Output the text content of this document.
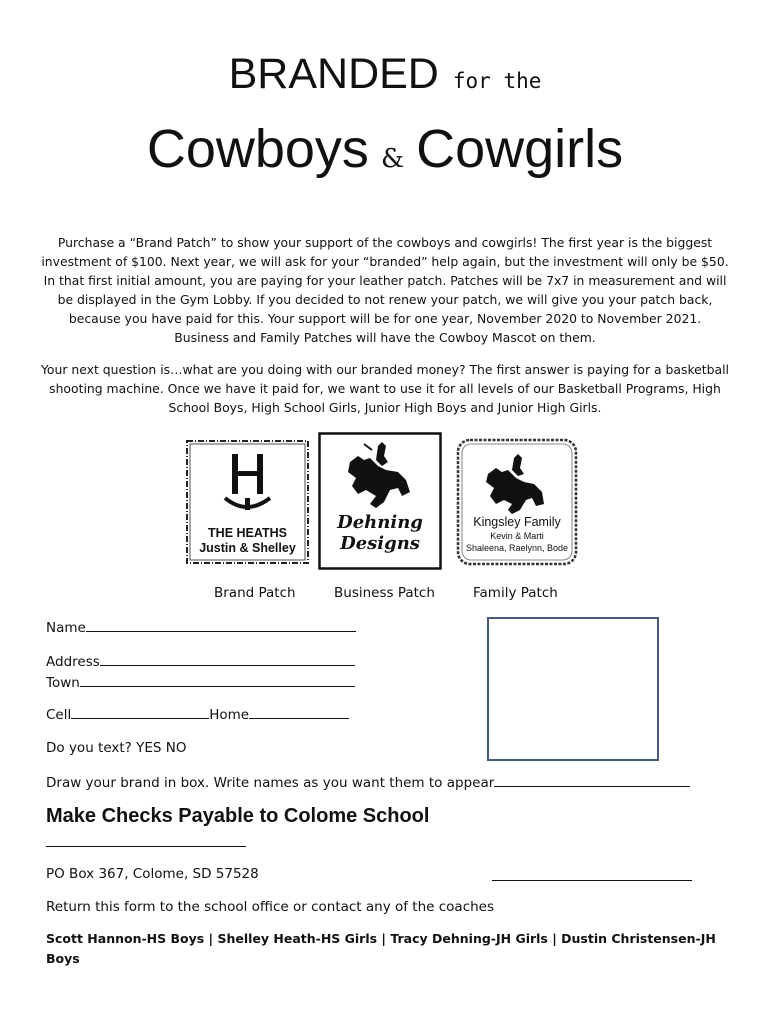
BRANDED for the
Cowboys & Cowgirls
Purchase a “Brand Patch” to show your support of the cowboys and cowgirls! The first year is the biggest
investment of $100. Next year, we will ask for your “branded” help again, but the investment will only be $50.
In that first initial amount, you are paying for your leather patch. Patches will be 7x7 in measurement and will
be displayed in the Gym Lobby. If you decided to not renew your patch, we will give you your patch back,
because you have paid for this. Your support will be for one year, November 2020 to November 2021.
Business and Family Patches will have the Cowboy Mascot on them.
Your next question is…what are you doing with our branded money? The first answer is paying for a basketball
shooting machine. Once we have it paid for, we want to use it for all levels of our Basketball Programs, High
School Boys, High School Girls, Junior High Boys and Junior High Girls.
THE HEATHS
Justin & Shelley
Dehning
Designs
Kingsley Family
Kevin & Marti
Shaleena, Raelynn, Bode
Brand Patch	Business Patch	Family Patch
Name
Address
Town
Cell	Home
Do you text? YES NO
Draw your brand in box. Write names as you want them to appear
Make Checks Payable to Colome School
PO Box 367, Colome, SD 57528
Return this form to the school office or contact any of the coaches
Scott Hannon-HS Boys | Shelley Heath-HS Girls | Tracy Dehning-JH Girls | Dustin Christensen-JH Boys
